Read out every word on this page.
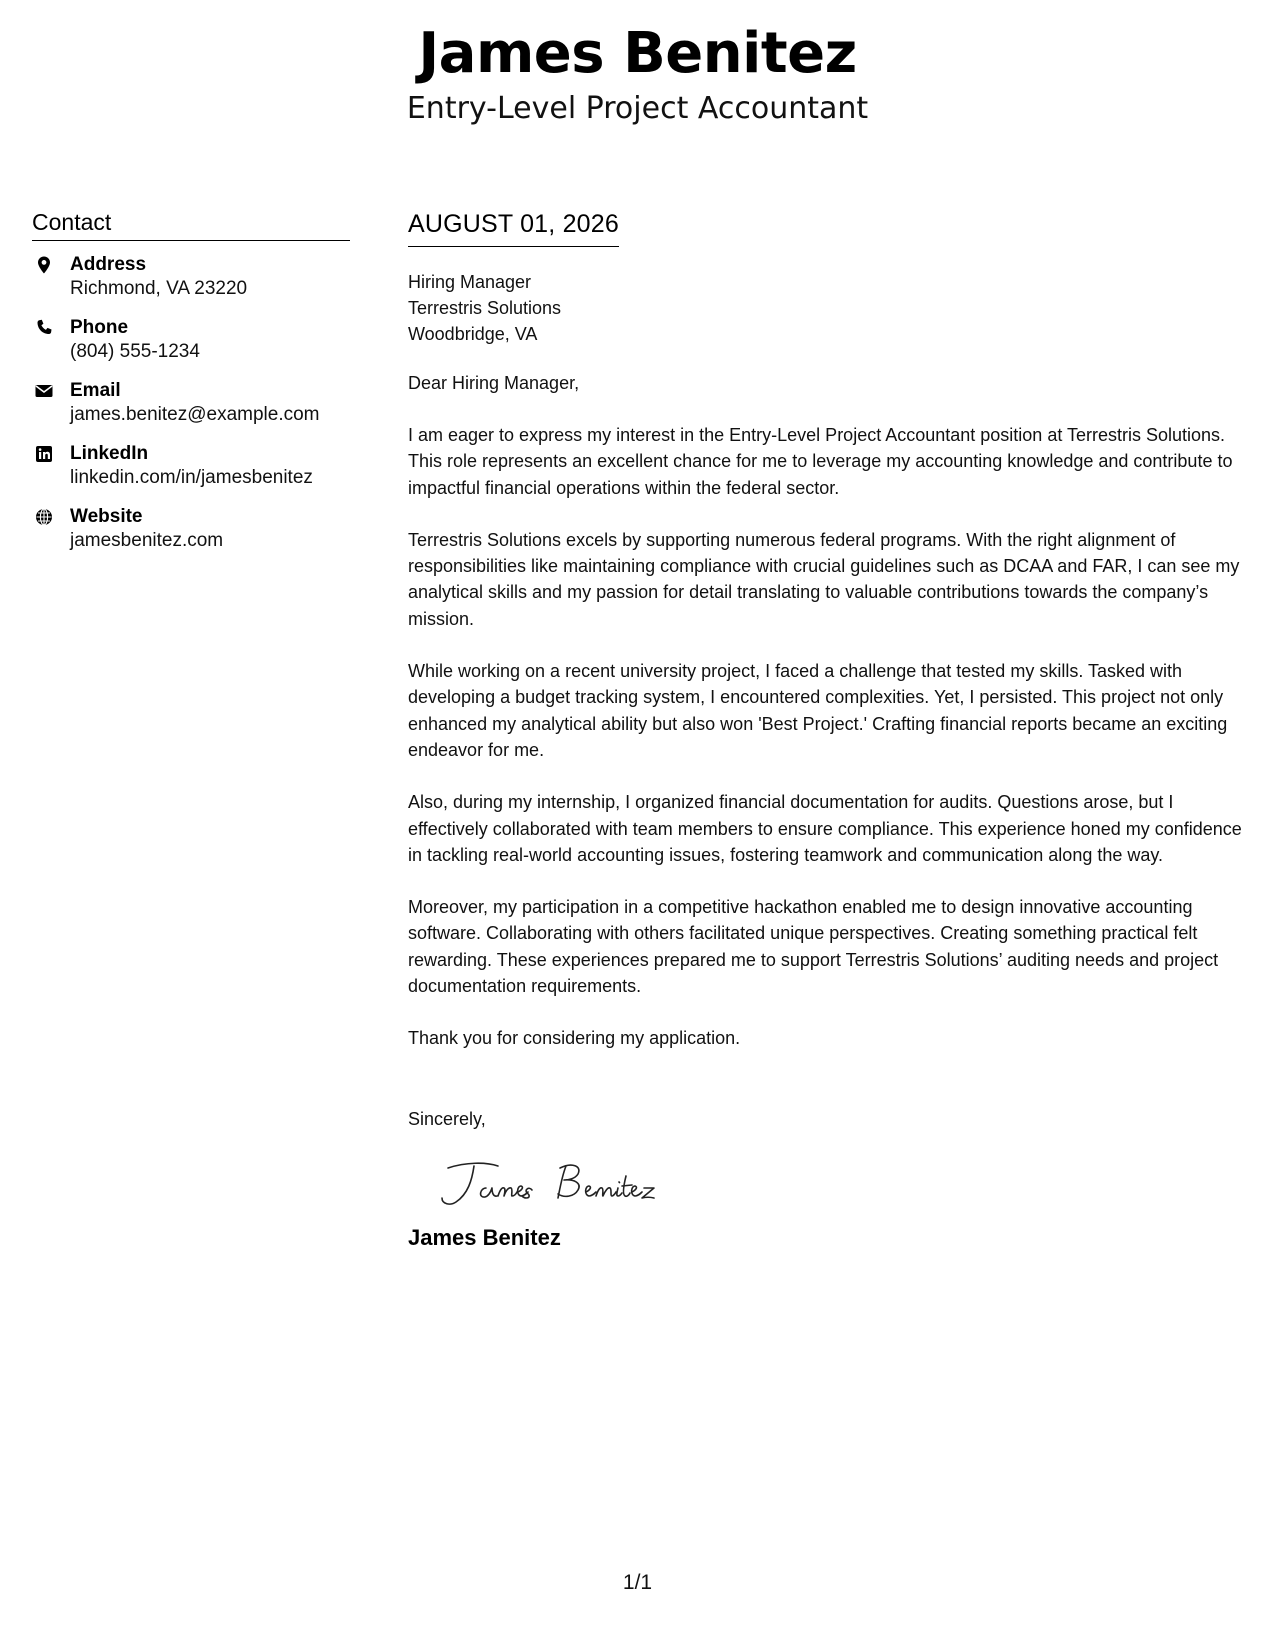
James Benitez
Entry-Level Project Accountant
Contact
Address
Richmond, VA 23220
Phone
(804) 555-1234
Email
james.benitez@example.com
LinkedIn
linkedin.com/in/jamesbenitez
Website
jamesbenitez.com
AUGUST 01, 2026
Hiring Manager
Terrestris Solutions
Woodbridge, VA
Dear Hiring Manager,

I am eager to express my interest in the Entry-Level Project Accountant position at Terrestris Solutions. This role represents an excellent chance for me to leverage my accounting knowledge and contribute to impactful financial operations within the federal sector.

Terrestris Solutions excels by supporting numerous federal programs. With the right alignment of responsibilities like maintaining compliance with crucial guidelines such as DCAA and FAR, I can see my analytical skills and my passion for detail translating to valuable contributions towards the company’s mission.

While working on a recent university project, I faced a challenge that tested my skills. Tasked with developing a budget tracking system, I encountered complexities. Yet, I persisted. This project not only enhanced my analytical ability but also won 'Best Project.' Crafting financial reports became an exciting endeavor for me.

Also, during my internship, I organized financial documentation for audits. Questions arose, but I effectively collaborated with team members to ensure compliance. This experience honed my confidence in tackling real-world accounting issues, fostering teamwork and communication along the way.

Moreover, my participation in a competitive hackathon enabled me to design innovative accounting software. Collaborating with others facilitated unique perspectives. Creating something practical felt rewarding. These experiences prepared me to support Terrestris Solutions’ auditing needs and project documentation requirements.

Thank you for considering my application.

Sincerely,
James Benitez
1/1
